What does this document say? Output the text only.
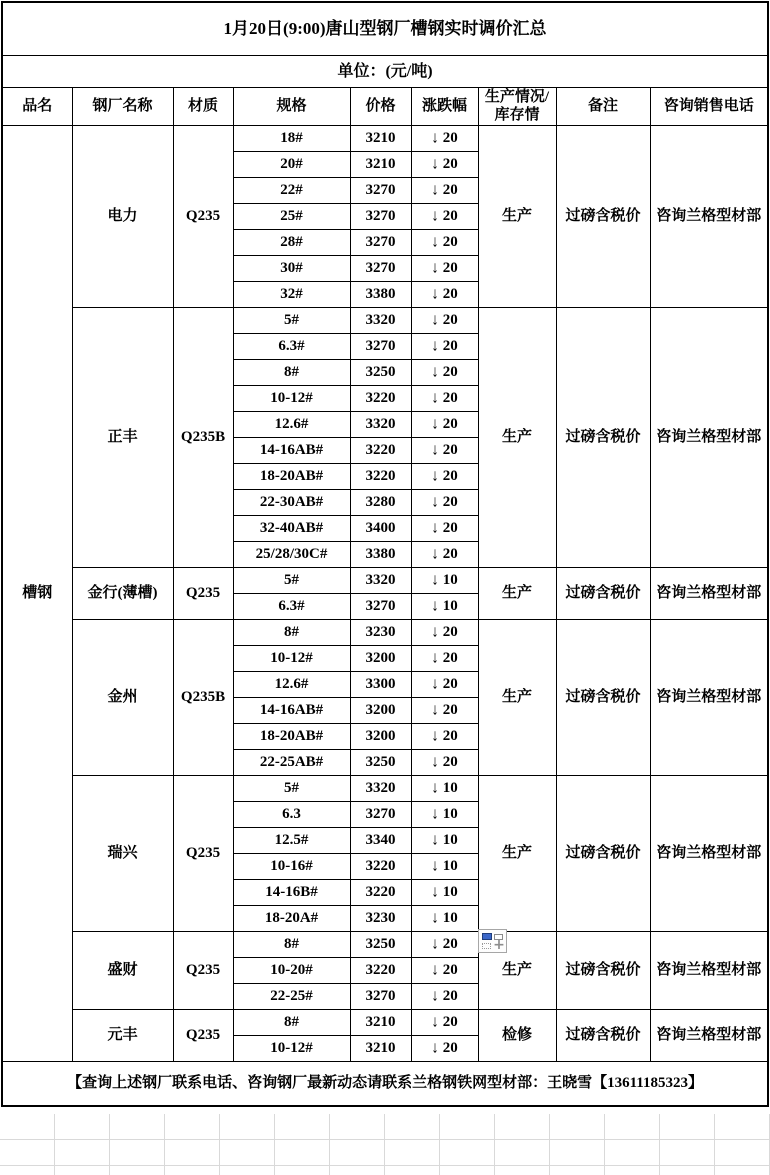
1月20日(9:00)唐山型钢厂槽钢实时调价汇总								
单位：(元/吨)								
品名	钢厂名称	材质	规格	价格	涨跌幅	生产情况/库存情	备注	咨询销售电话
槽钢	电力	Q235	18#	3210	↓ 20	生产	过磅含税价	咨询兰格型材部
			20#	3210	↓ 20			
			22#	3270	↓ 20			
			25#	3270	↓ 20			
			28#	3270	↓ 20			
			30#	3270	↓ 20			
			32#	3380	↓ 20			
	正丰	Q235B	5#	3320	↓ 20	生产	过磅含税价	咨询兰格型材部
			6.3#	3270	↓ 20			
			8#	3250	↓ 20			
			10-12#	3220	↓ 20			
			12.6#	3320	↓ 20			
			14-16AB#	3220	↓ 20			
			18-20AB#	3220	↓ 20			
			22-30AB#	3280	↓ 20			
			32-40AB#	3400	↓ 20			
			25/28/30C#	3380	↓ 20			
	金行(薄槽)	Q235	5#	3320	↓ 10	生产	过磅含税价	咨询兰格型材部
			6.3#	3270	↓ 10			
	金州	Q235B	8#	3230	↓ 20	生产	过磅含税价	咨询兰格型材部
			10-12#	3200	↓ 20			
			12.6#	3300	↓ 20			
			14-16AB#	3200	↓ 20			
			18-20AB#	3200	↓ 20			
			22-25AB#	3250	↓ 20			
	瑞兴	Q235	5#	3320	↓ 10	生产	过磅含税价	咨询兰格型材部
			6.3	3270	↓ 10			
			12.5#	3340	↓ 10			
			10-16#	3220	↓ 10			
			14-16B#	3220	↓ 10			
			18-20A#	3230	↓ 10			
	盛财	Q235	8#	3250	↓ 20	生产	过磅含税价	咨询兰格型材部
			10-20#	3220	↓ 20			
			22-25#	3270	↓ 20			
	元丰	Q235	8#	3210	↓ 20	检修	过磅含税价	咨询兰格型材部
			10-12#	3210	↓ 20			
【查询上述钢厂联系电话、咨询钢厂最新动态请联系兰格钢铁网型材部：王晓雪【13611185323】								
+
